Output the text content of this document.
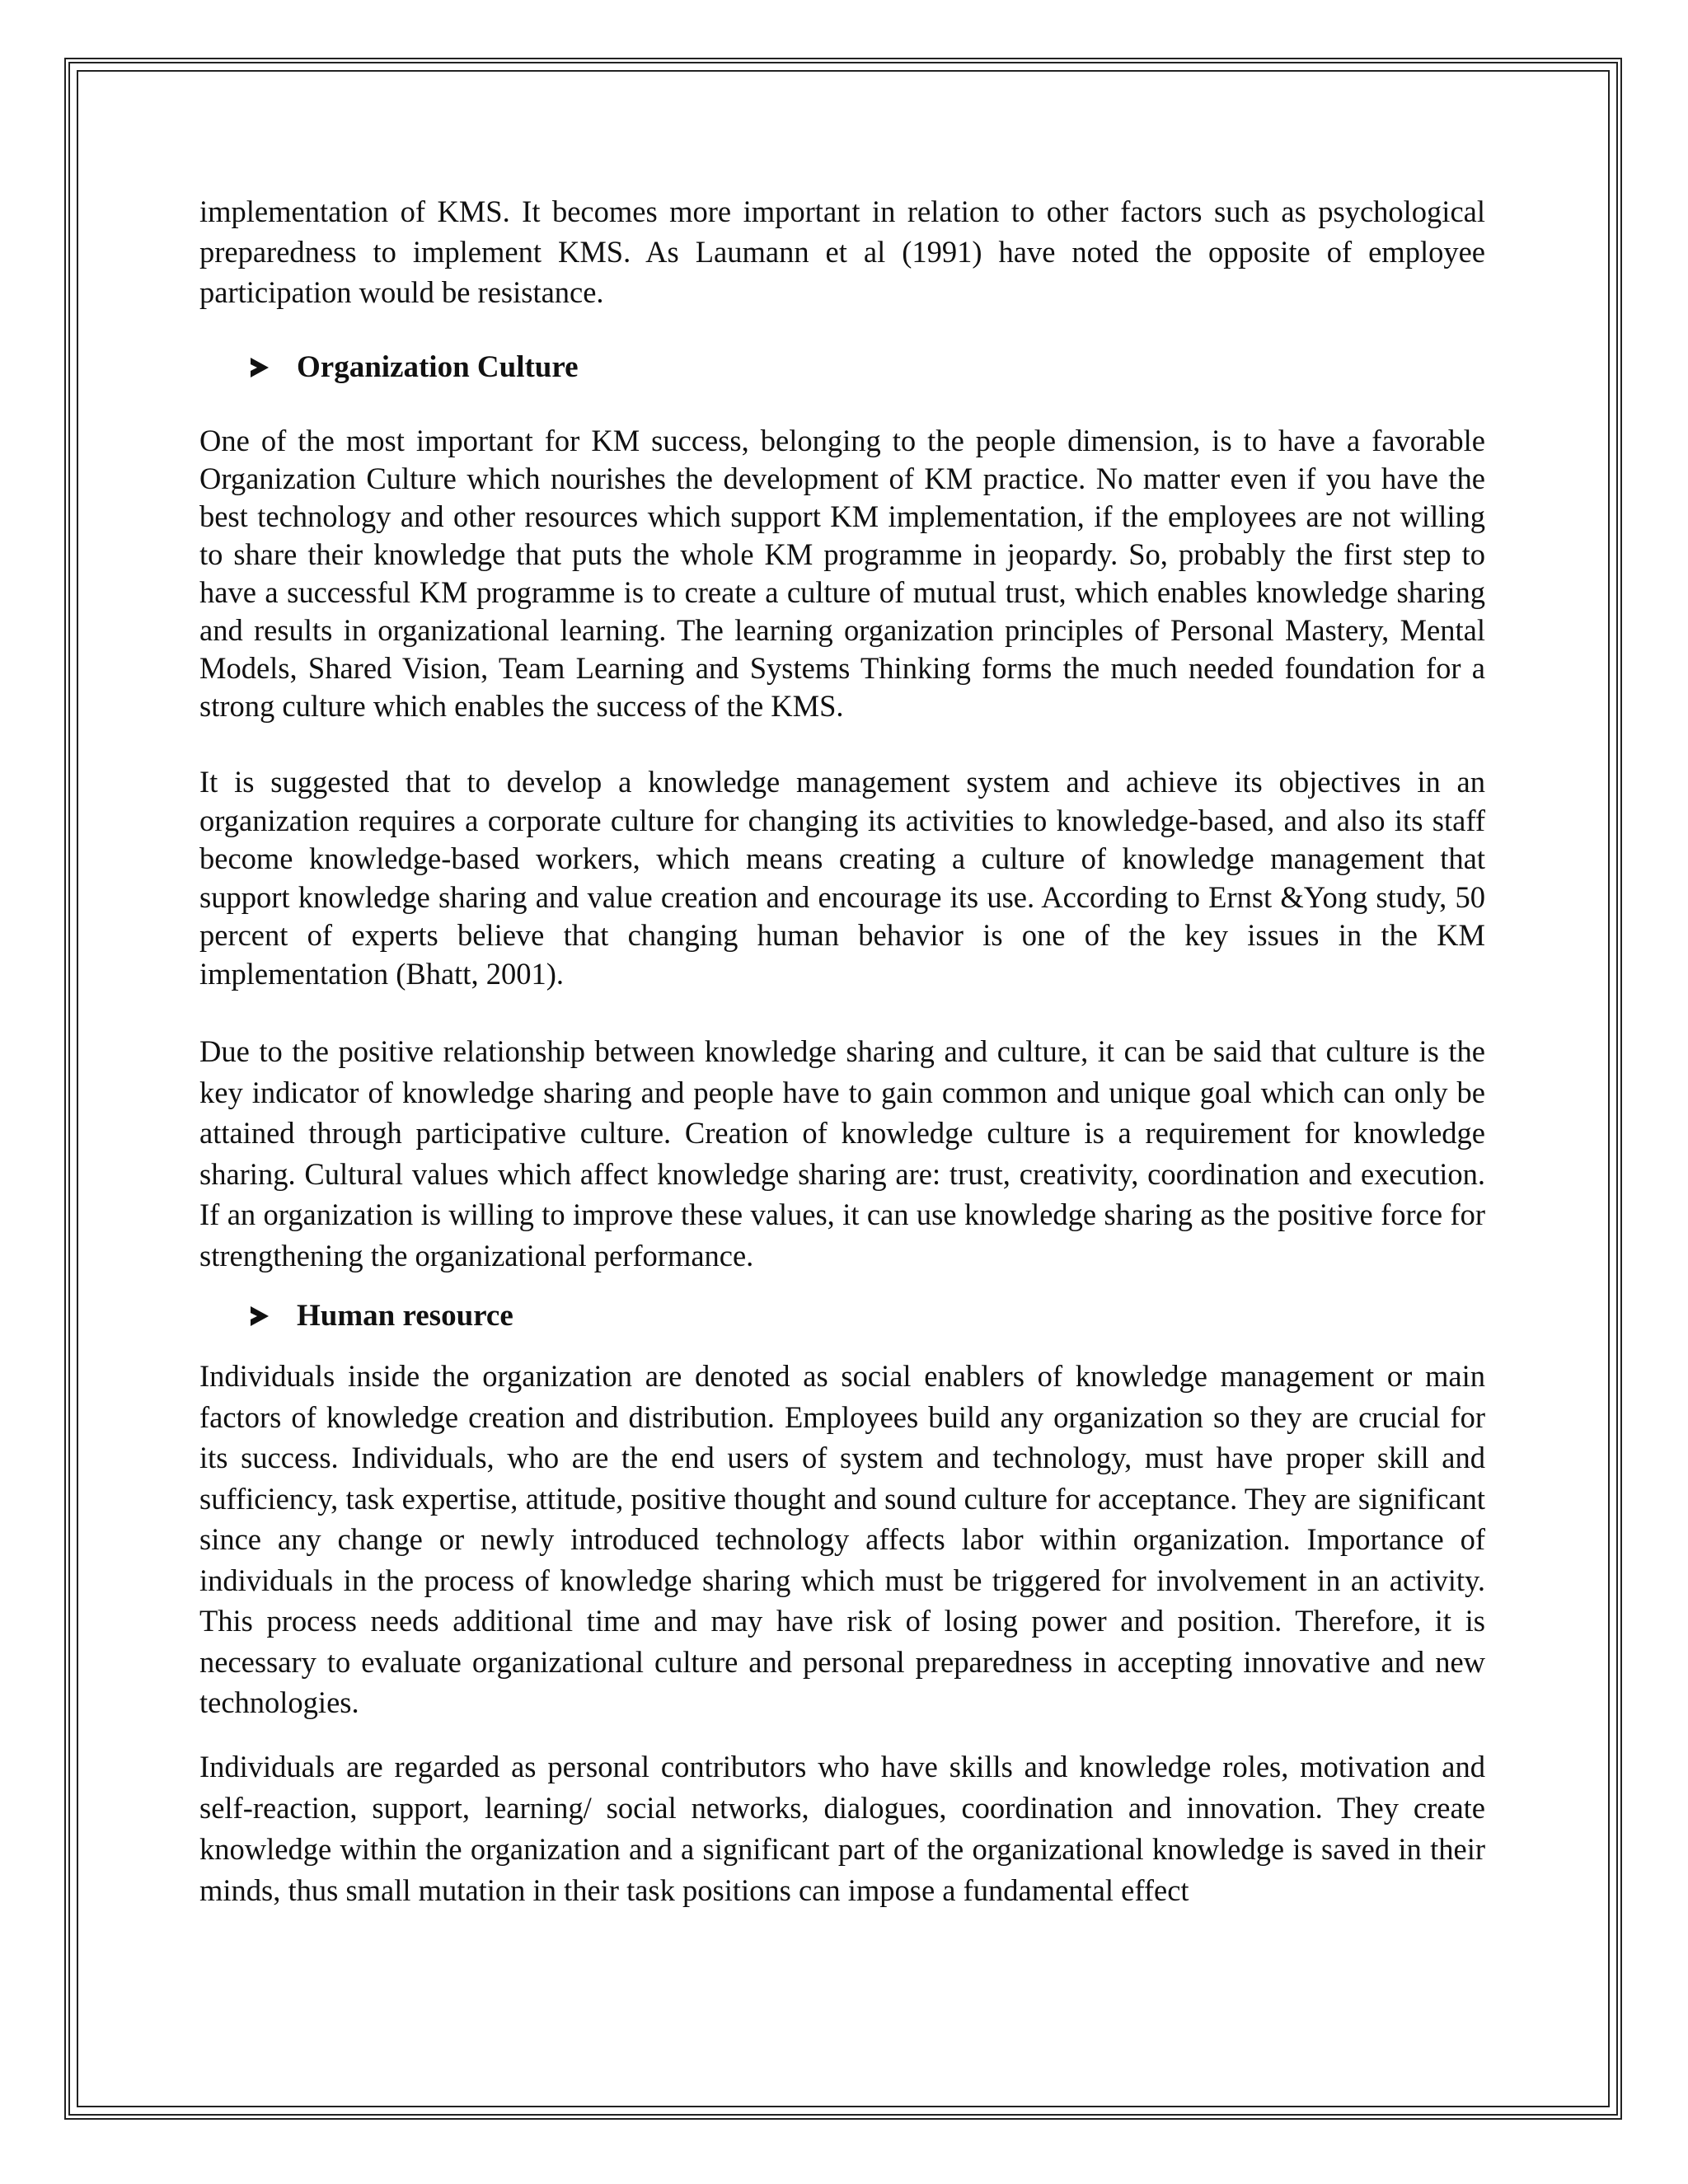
implementation of KMS. It becomes more important in relation to other factors such as psychological preparedness to implement KMS. As Laumann et al (1991) have noted the opposite of employee participation would be resistance.

Organization Culture

One of the most important for KM success, belonging to the people dimension, is to have a favorable Organization Culture which nourishes the development of KM practice. No matter even if you have the best technology and other resources which support KM implementation, if the employees are not willing to share their knowledge that puts the whole KM programme in jeopardy. So, probably the first step to have a successful KM programme is to create a culture of mutual trust, which enables knowledge sharing and results in organizational learning. The learning organization principles of Personal Mastery, Mental Models, Shared Vision, Team Learning and Systems Thinking forms the much needed foundation for a strong culture which enables the success of the KMS.

It is suggested that to develop a knowledge management system and achieve its objectives in an organization requires a corporate culture for changing its activities to knowledge-based, and also its staff become knowledge-based workers, which means creating a culture of knowledge management that support knowledge sharing and value creation and encourage its use. According to Ernst &Yong study, 50 percent of experts believe that changing human behavior is one of the key issues in the KM implementation (Bhatt, 2001).

Due to the positive relationship between knowledge sharing and culture, it can be said that culture is the key indicator of knowledge sharing and people have to gain common and unique goal which can only be attained through participative culture. Creation of knowledge culture is a requirement for knowledge sharing. Cultural values which affect knowledge sharing are: trust, creativity, coordination and execution. If an organization is willing to improve these values, it can use knowledge sharing as the positive force for strengthening the organizational performance.

Human resource

Individuals inside the organization are denoted as social enablers of knowledge management or main factors of knowledge creation and distribution. Employees build any organization so they are crucial for its success. Individuals, who are the end users of system and technology, must have proper skill and sufficiency, task expertise, attitude, positive thought and sound culture for acceptance. They are significant since any change or newly introduced technology affects labor within organization. Importance of individuals in the process of knowledge sharing which must be triggered for involvement in an activity. This process needs additional time and may have risk of losing power and position. Therefore, it is necessary to evaluate organizational culture and personal preparedness in accepting innovative and new technologies.

Individuals are regarded as personal contributors who have skills and knowledge roles, motivation and self-reaction, support, learning/ social networks, dialogues, coordination and innovation. They create knowledge within the organization and a significant part of the organizational knowledge is saved in their minds, thus small mutation in their task positions can impose a fundamental effect
